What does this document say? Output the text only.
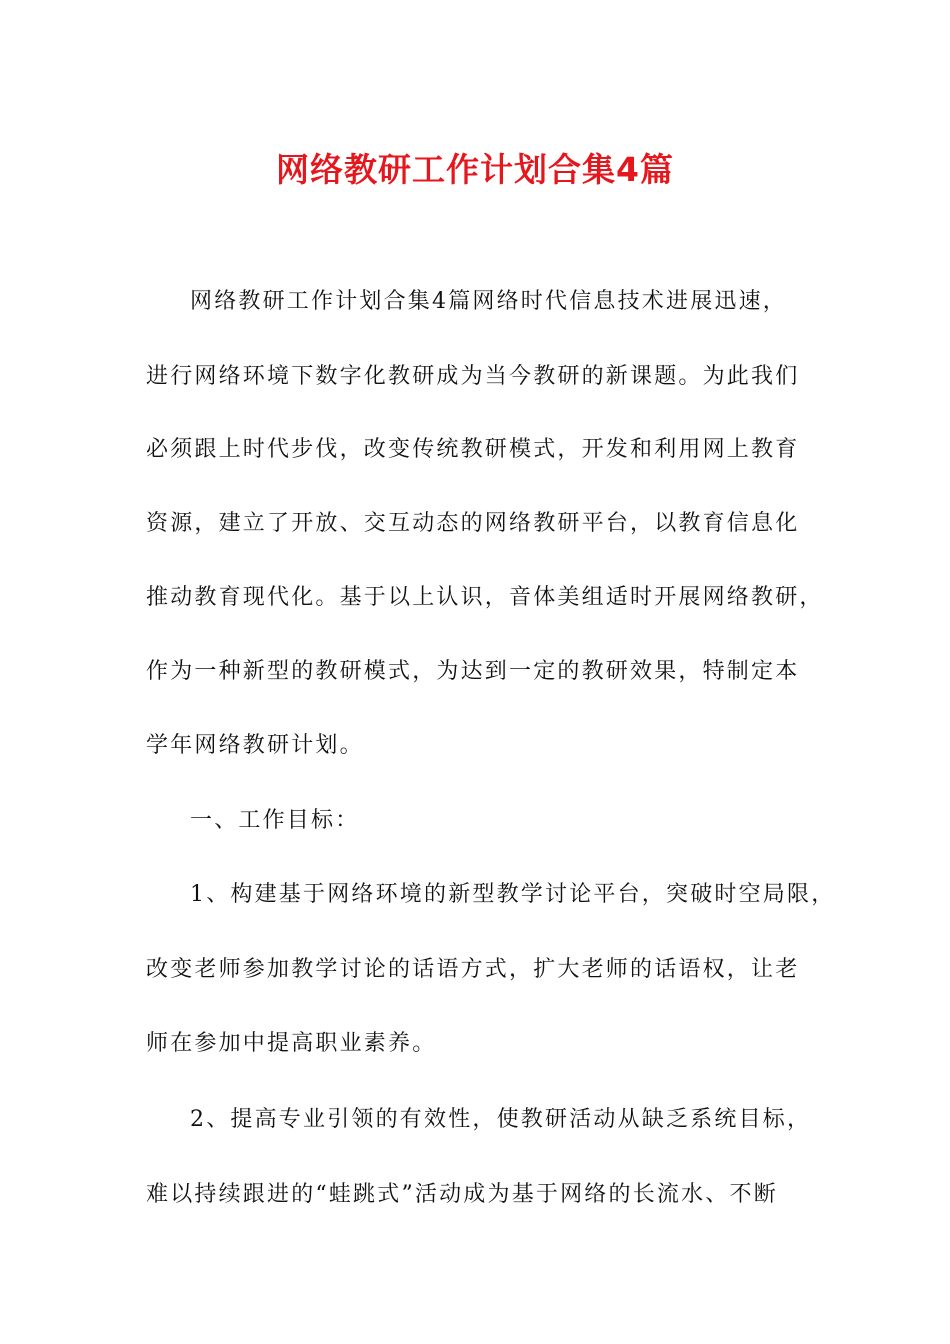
网络教研工作计划合集4篇
网络教研工作计划合集4篇网络时代信息技术进展迅速，
进行网络环境下数字化教研成为当今教研的新课题。为此我们
必须跟上时代步伐，改变传统教研模式，开发和利用网上教育
资源，建立了开放、交互动态的网络教研平台，以教育信息化
推动教育现代化。基于以上认识，音体美组适时开展网络教研，
作为一种新型的教研模式，为达到一定的教研效果，特制定本
学年网络教研计划。
一、工作目标：
1、构建基于网络环境的新型教学讨论平台，突破时空局限，
改变老师参加教学讨论的话语方式，扩大老师的话语权，让老
师在参加中提高职业素养。
2、提高专业引领的有效性，使教研活动从缺乏系统目标，
难以持续跟进的“蛙跳式”活动成为基于网络的长流水、不断
